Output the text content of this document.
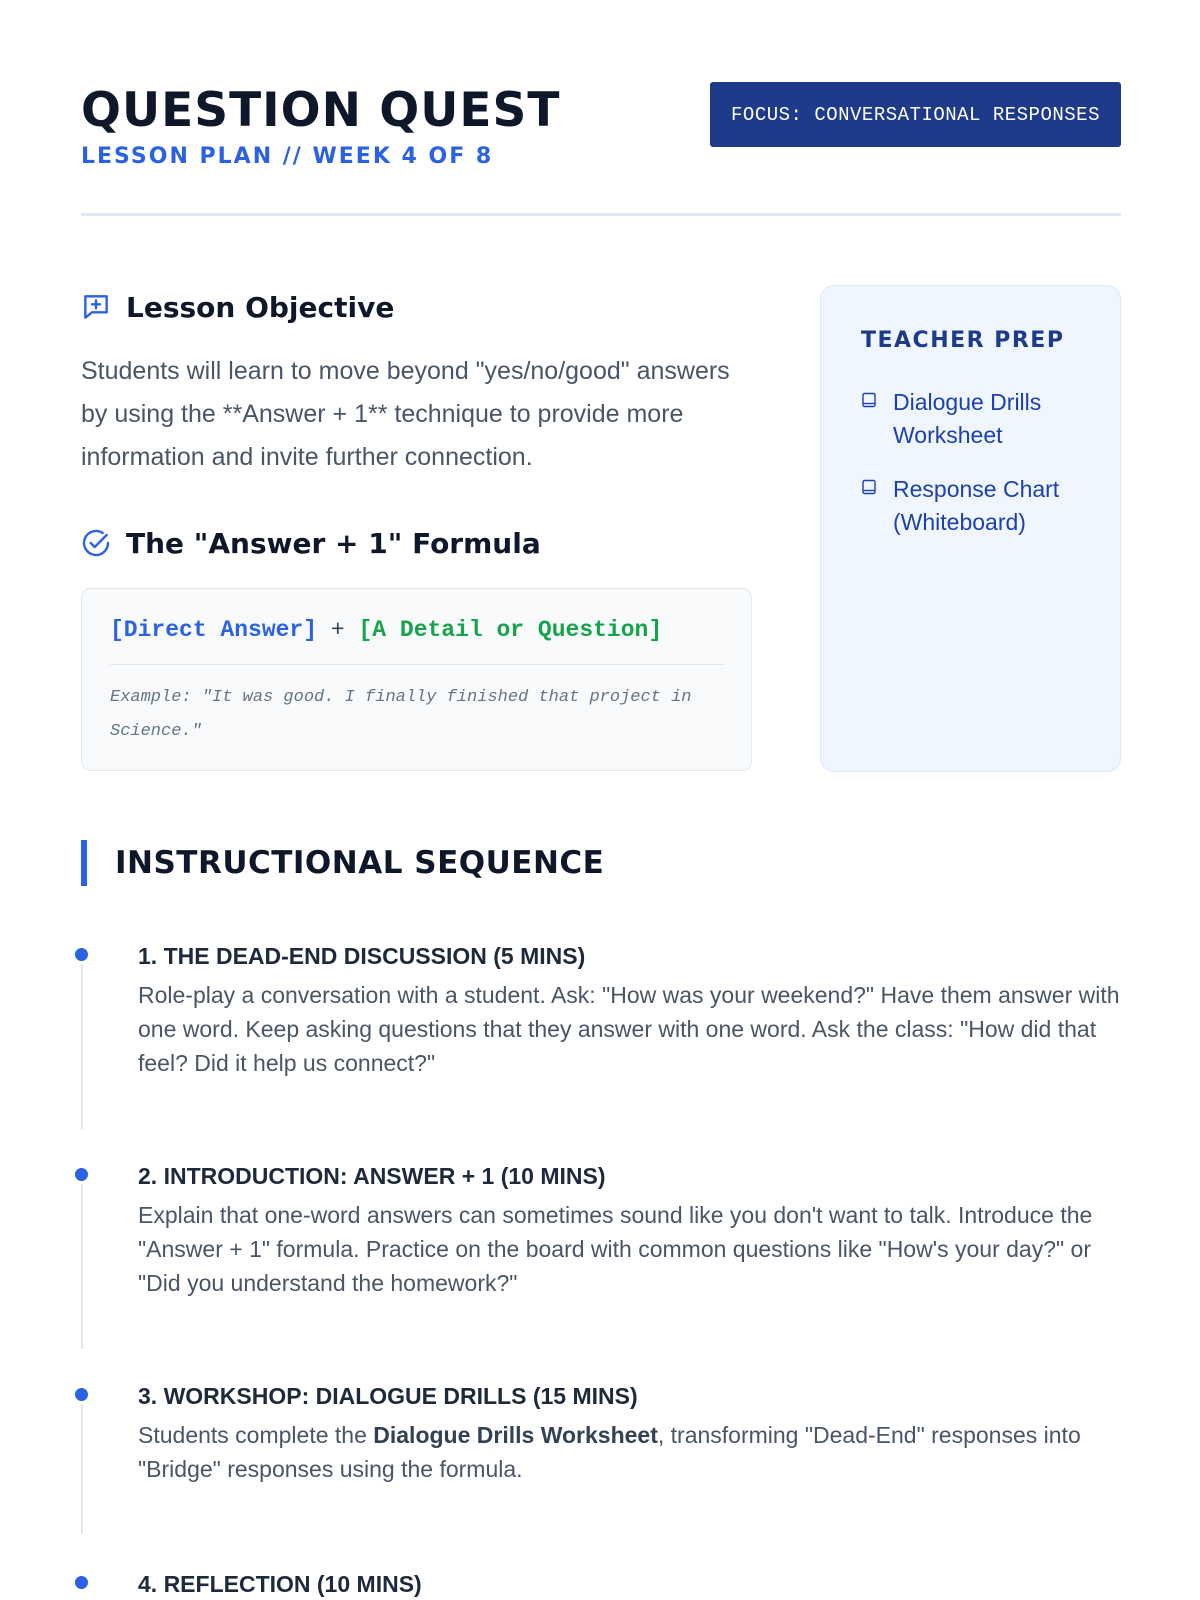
QUESTION QUEST
LESSON PLAN // WEEK 4 OF 8
FOCUS: CONVERSATIONAL RESPONSES
Lesson Objective

Students will learn to move beyond "yes/no/good" answers by using the **Answer + 1** technique to provide more information and invite further connection.

The "Answer + 1" Formula
[Direct Answer] + [A Detail or Question]
Example: "It was good. I finally finished that project in Science."
TEACHER PREP
Dialogue Drills Worksheet
Response Chart (Whiteboard)
INSTRUCTIONAL SEQUENCE
1. THE DEAD-END DISCUSSION (5 MINS)
Role-play a conversation with a student. Ask: "How was your weekend?" Have them answer with one word. Keep asking questions that they answer with one word. Ask the class: "How did that feel? Did it help us connect?"
2. INTRODUCTION: ANSWER + 1 (10 MINS)
Explain that one-word answers can sometimes sound like you don't want to talk. Introduce the "Answer + 1" formula. Practice on the board with common questions like "How's your day?" or "Did you understand the homework?"
3. WORKSHOP: DIALOGUE DRILLS (15 MINS)
Students complete the Dialogue Drills Worksheet, transforming "Dead-End" responses into "Bridge" responses using the formula.
4. REFLECTION (10 MINS)
